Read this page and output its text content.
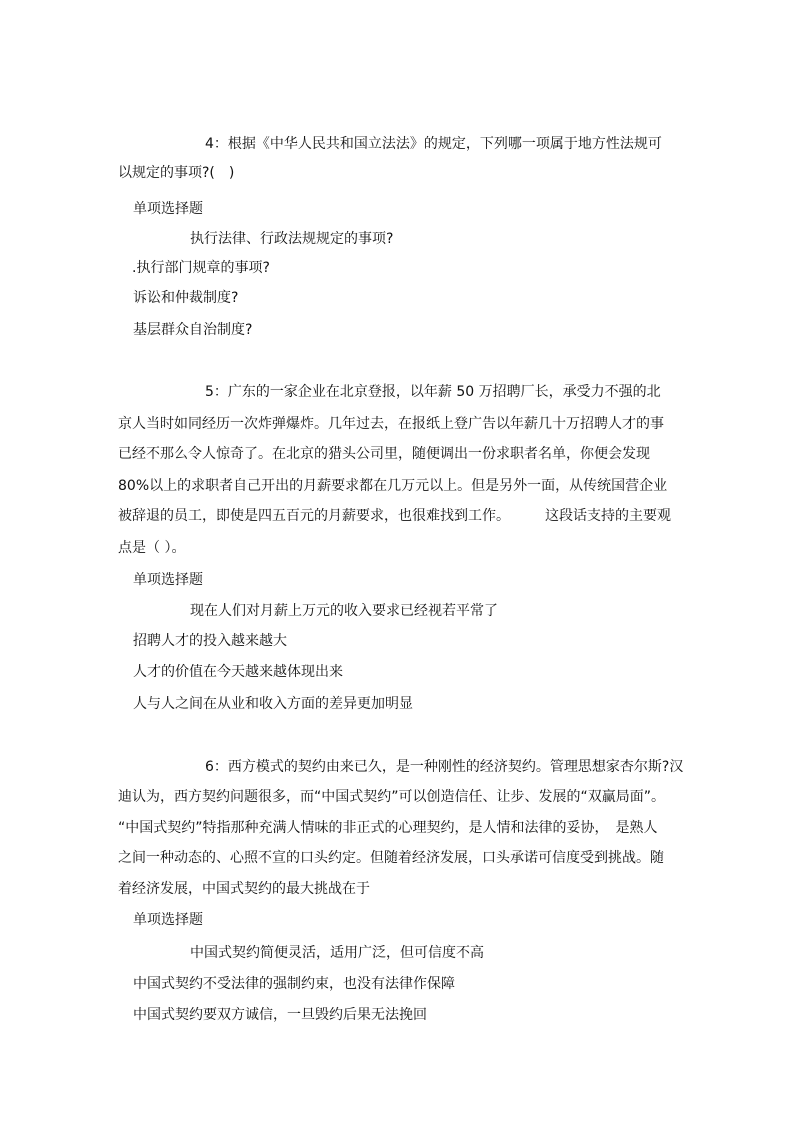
4：根据《中华人民共和国立法法》的规定，下列哪一项属于地方性法规可
以规定的事项?(　)
单项选择题
执行法律、行政法规规定的事项?
.执行部门规章的事项?
诉讼和仲裁制度?
基层群众自治制度?
5：广东的一家企业在北京登报，以年薪 50 万招聘厂长，承受力不强的北
京人当时如同经历一次炸弹爆炸。几年过去，在报纸上登广告以年薪几十万招聘人才的事
已经不那么令人惊奇了。在北京的猎头公司里，随便调出一份求职者名单，你便会发现
80%以上的求职者自己开出的月薪要求都在几万元以上。但是另外一面，从传统国营企业
被辞退的员工，即使是四五百元的月薪要求，也很难找到工作。　　　这段话支持的主要观
点是（ ）。
单项选择题
现在人们对月薪上万元的收入要求已经视若平常了
招聘人才的投入越来越大
人才的价值在今天越来越体现出来
人与人之间在从业和收入方面的差异更加明显
6：西方模式的契约由来已久，是一种刚性的经济契约。管理思想家杏尔斯?汉
迪认为，西方契约问题很多，而“中国式契约”可以创造信任、让步、发展的“双赢局面”。
“中国式契约”特指那种充满人情味的非正式的心理契约，是人情和法律的妥协，　是熟人
之间一种动态的、心照不宣的口头约定。但随着经济发展，口头承诺可信度受到挑战。随
着经济发展，中国式契约的最大挑战在于
单项选择题
中国式契约简便灵活，适用广泛，但可信度不高
中国式契约不受法律的强制约束，也没有法律作保障
中国式契约要双方诚信，一旦毁约后果无法挽回
